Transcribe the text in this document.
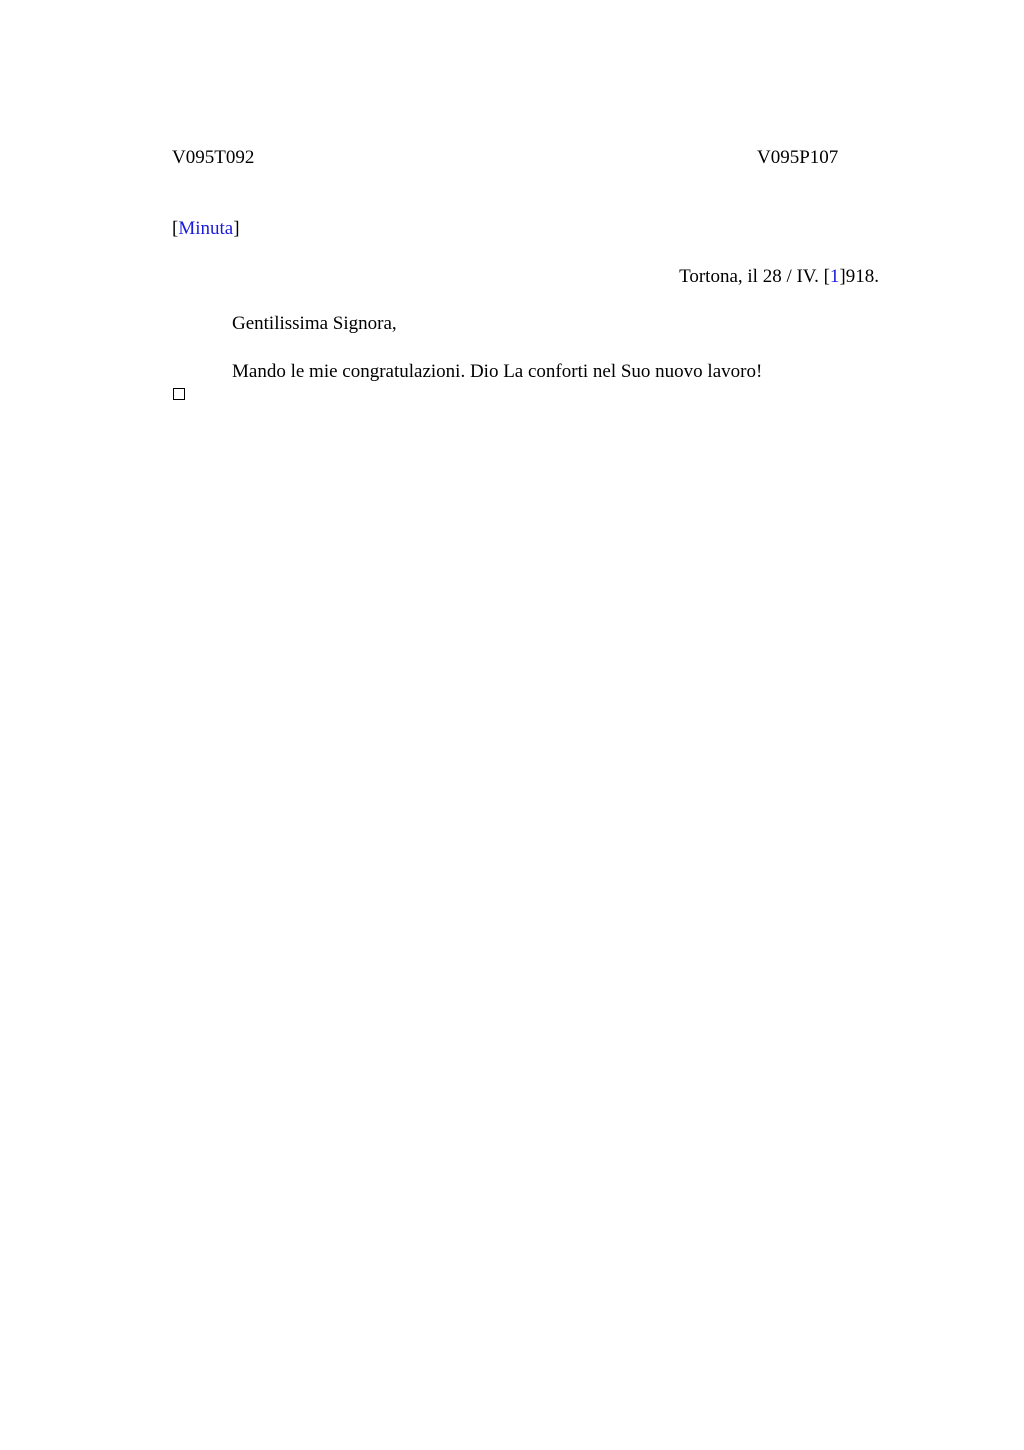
V095T092	V095P107
[Minuta]
Tortona, il 28 / IV. [1]918.
Gentilissima Signora,
Mando le mie congratulazioni. Dio La conforti nel Suo nuovo lavoro!
